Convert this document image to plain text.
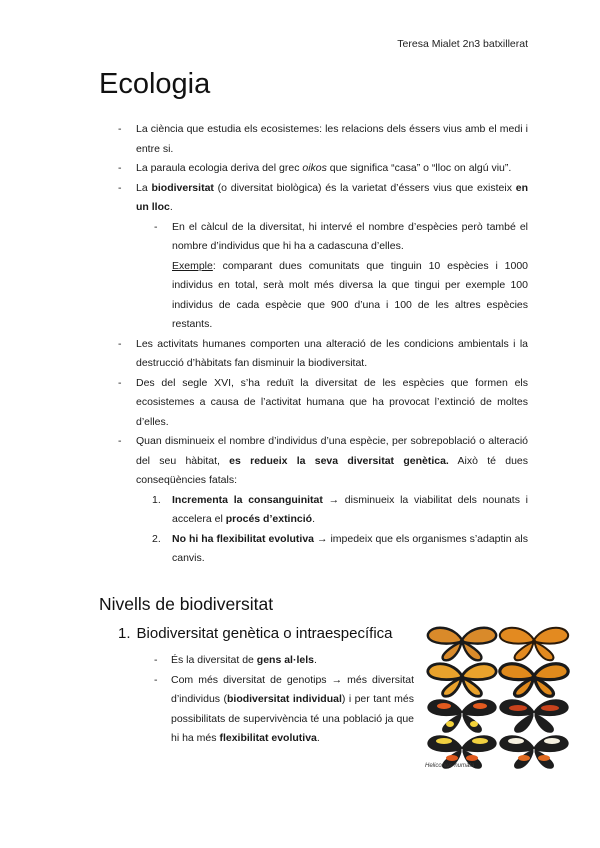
Teresa Mialet 2n3 batxillerat
Ecologia

- La ciència que estudia els ecosistemes: les relacions dels éssers vius amb el medi i entre si.

- La paraula ecologia deriva del grec oikos que significa “casa” o “lloc on algú viu”.

- La biodiversitat (o diversitat biològica) és la varietat d’éssers vius que existeix en un lloc.

- En el càlcul de la diversitat, hi intervé el nombre d’espècies però també el nombre d’individus que hi ha a cadascuna d’elles.

Exemple: comparant dues comunitats que tinguin 10 espècies i 1000 individus en total, serà molt més diversa la que tingui per exemple 100 individus de cada espècie que 900 d’una i 100 de les altres espècies restants.

- Les activitats humanes comporten una alteració de les condicions ambientals i la destrucció d’hàbitats fan disminuir la biodiversitat.

- Des del segle XVI, s’ha reduït la diversitat de les espècies que formen els ecosistemes a causa de l’activitat humana que ha provocat l’extinció de moltes d’elles.

- Quan disminueix el nombre d’individus d’una espècie, per sobrepoblació o alteració del seu hàbitat, es redueix la seva diversitat genètica. Això té dues conseqüències fatals:

1. Incrementa la consanguinitat → disminueix la viabilitat dels nounats i accelera el procés d’extinció.

2. No hi ha flexibilitat evolutiva → impedeix que els organismes s’adaptin als canvis.

Nivells de biodiversitat
1. Biodiversitat genètica o intraespecífica

- És la diversitat de gens al·lels.

- Com més diversitat de genotips → més diversitat d’individus (biodiversitat individual) i per tant més possibilitats de supervivència té una població ja que hi ha més flexibilitat evolutiva.

Heliconius numata
